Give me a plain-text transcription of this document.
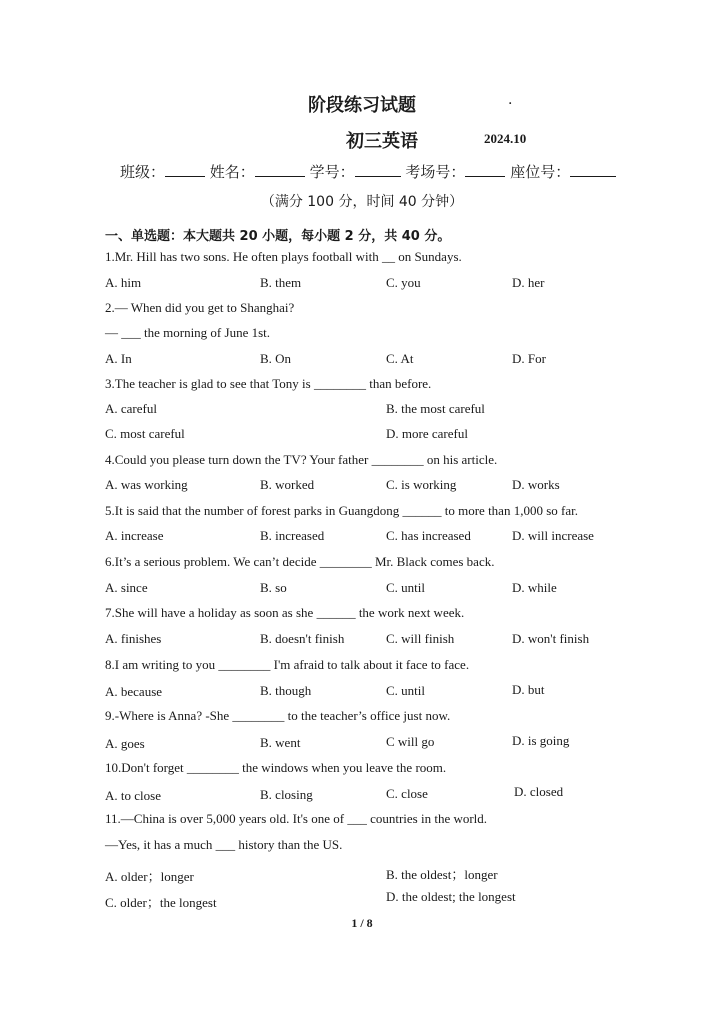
阶段练习试题	·
初三英语	2024.10
班级：	姓名：	学号：	考场号：	座位号：
（满分 100 分，时间 40 分钟）
一、单选题：本大题共 20 小题，每小题 2 分，共 40 分。
1.Mr. Hill has two sons. He often plays football with __ on Sundays.
A. him	B. them	C. you	D. her
2.— When did you get to Shanghai?
— ___ the morning of June 1st.
A. In	B. On	C. At	D. For
3.The teacher is glad to see that Tony is ________ than before.
A. careful	B. the most careful
C. most careful	D. more careful
4.Could you please turn down the TV? Your father ________ on his article.
A. was working	B. worked	C. is working	D. works
5.It is said that the number of forest parks in Guangdong ______ to more than 1,000 so far.
A. increase	B. increased	C. has increased	D. will increase
6.It’s a serious problem. We can’t decide ________ Mr. Black comes back.
A. since	B. so	C. until	D. while
7.She will have a holiday as soon as she ______ the work next week.
A. finishes	B. doesn't finish	C. will finish	D. won't finish
8.I am writing to you ________ I'm afraid to talk about it face to face.
A. because	B. though	C. until	D. but
9.-Where is Anna? -She ________ to the teacher’s office just now.
A. goes	B. went	C will go	D. is going
10.Don't forget ________ the windows when you leave the room.
A. to close	B. closing	C. close	D. closed
11.—China is over 5,000 years old. It's one of ___ countries in the world.
—Yes, it has a much ___ history than the US.
A. older；longer	B. the oldest；longer
C. older；the longest	D. the oldest; the longest
1 / 8
